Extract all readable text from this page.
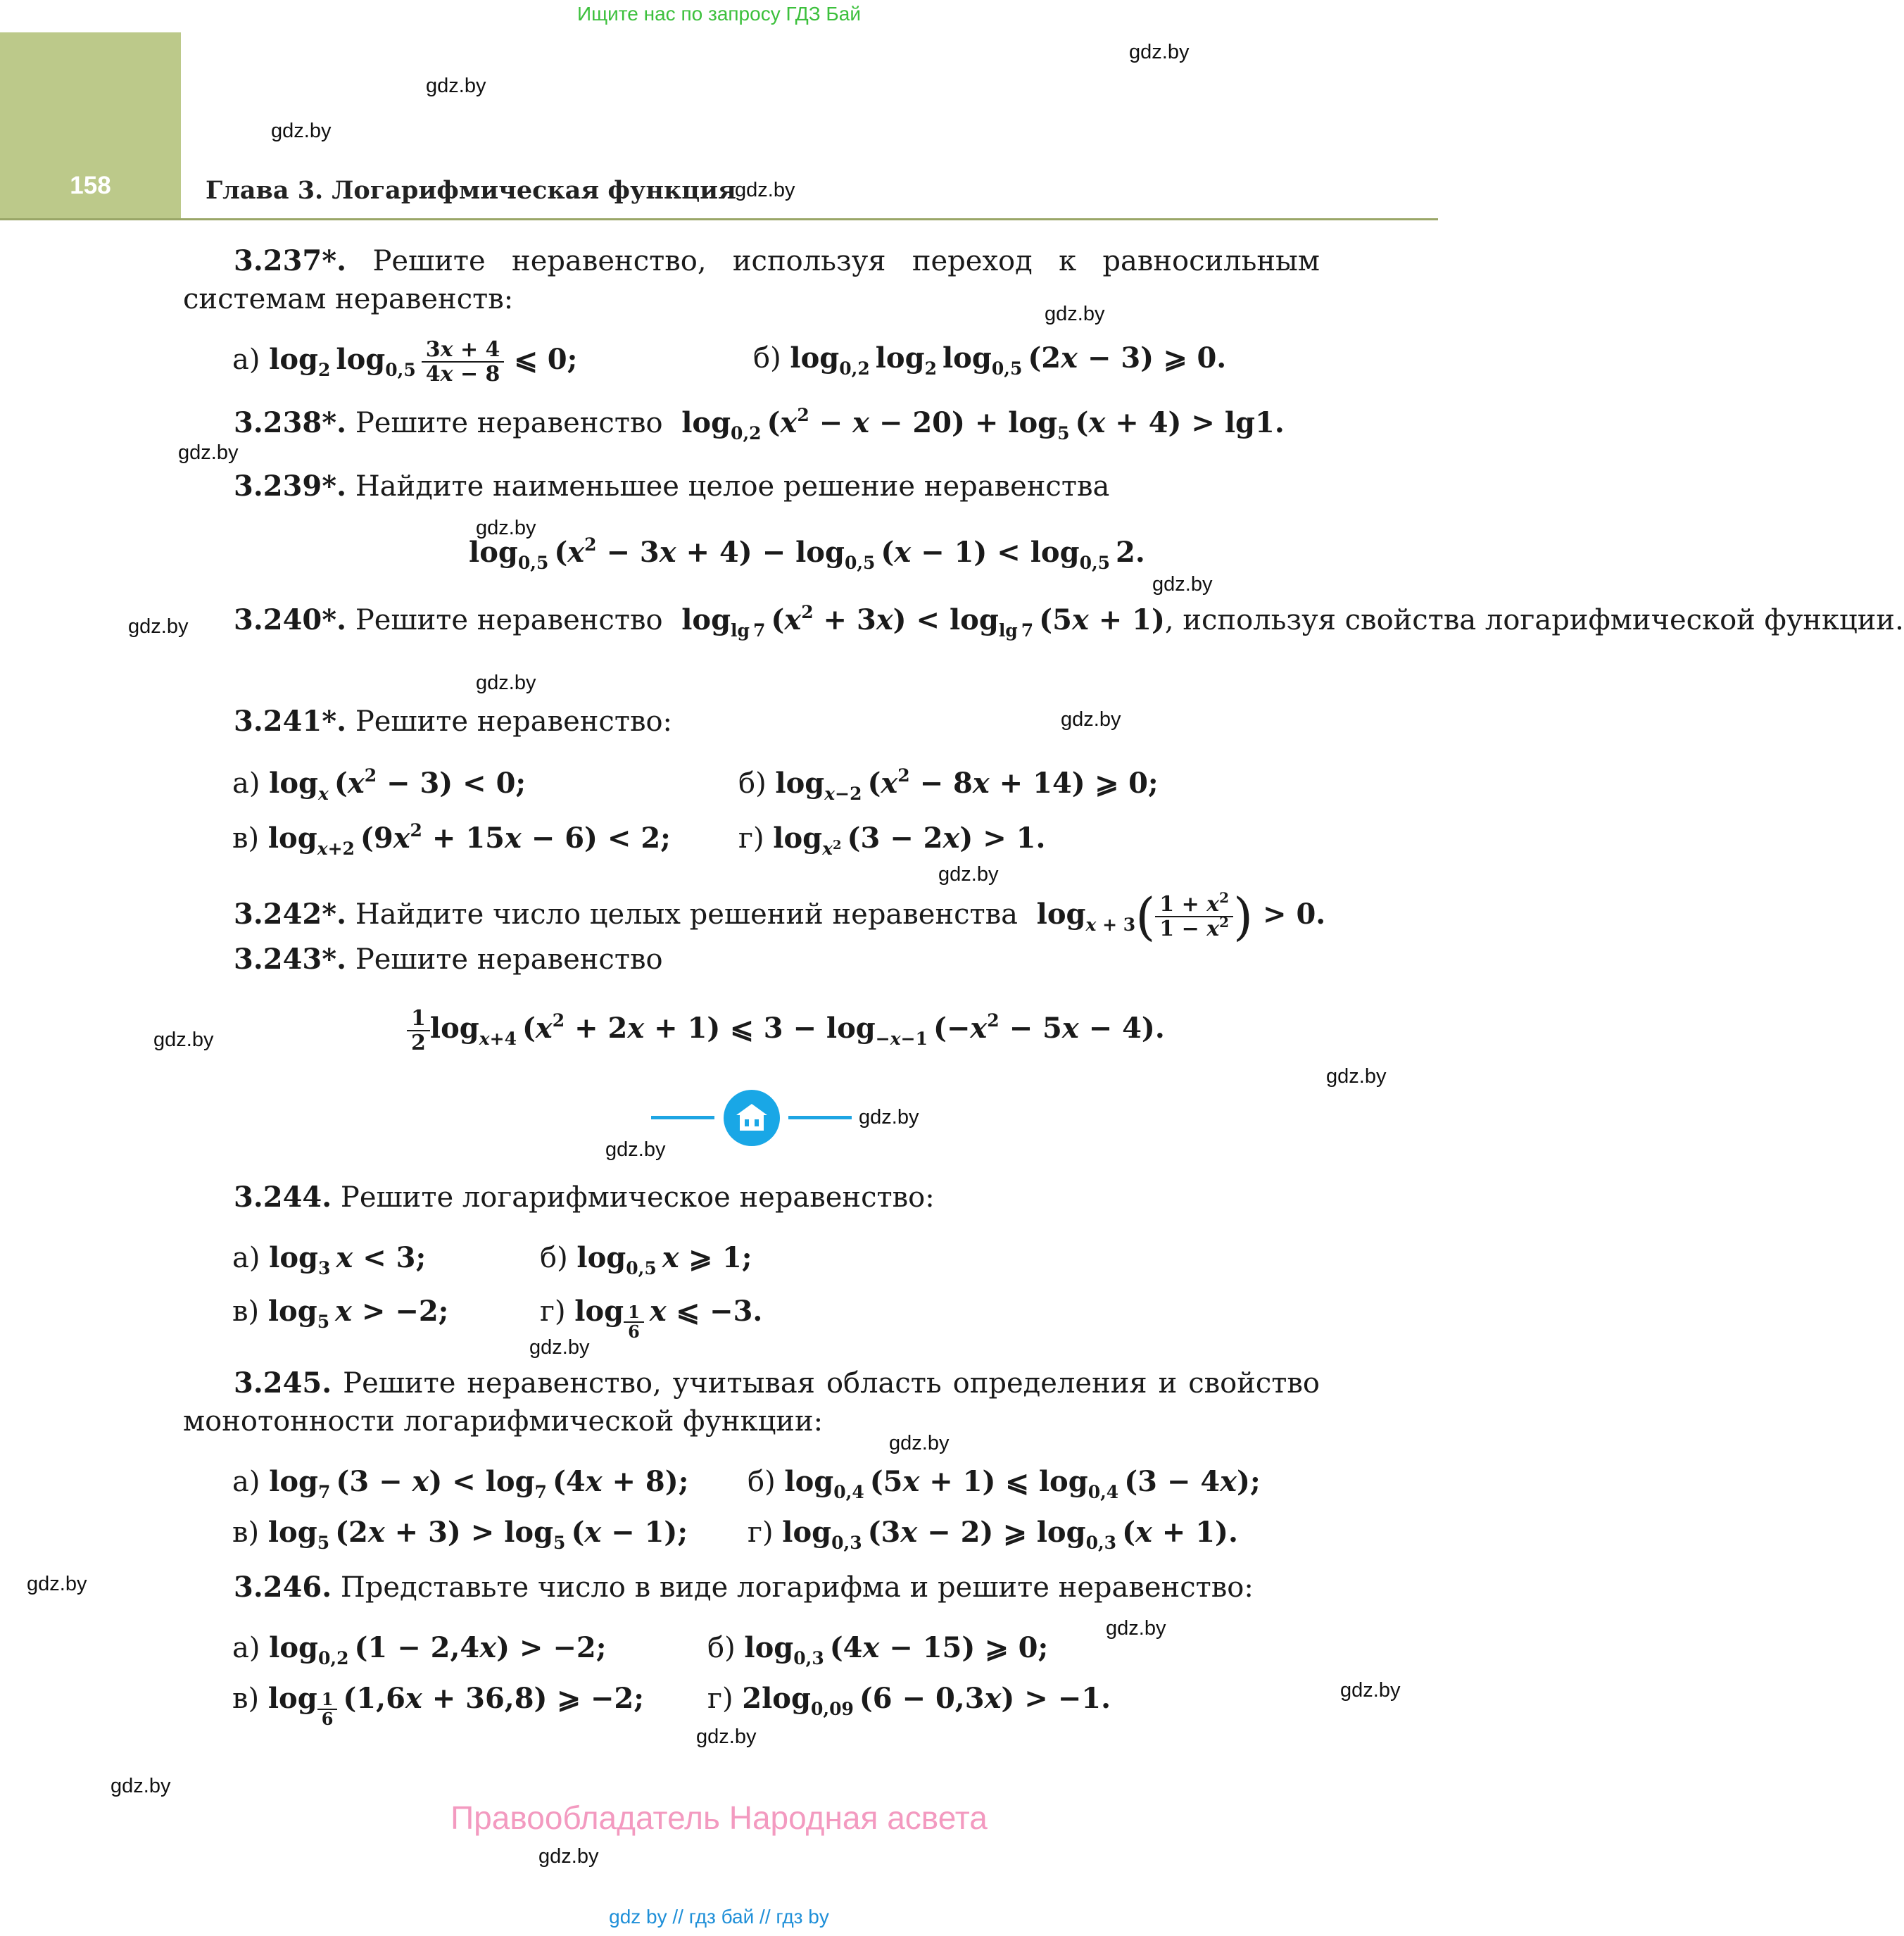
Ищите нас по запросу ГДЗ Бай
158	Глава 3. Логарифмическая функция
gdz.by
gdz.by
gdz.by
gdz.by
gdz.by
gdz.by
gdz.by
gdz.by
gdz.by
gdz.by
gdz.by
gdz.by
gdz.by
gdz.by
gdz.by
gdz.by
gdz.by
gdz.by
gdz.by
gdz.by
gdz.by
gdz.by
gdz.by
gdz.by
3.237*. Решите неравенство, используя переход к равносильным системам неравенств:
а) $\log_2 \log_{0,5} \frac{3x + 4}{4x - 8}$ ⩽ 0;	б) $\log_{0,2} \log_2 \log_{0,5} (2x - 3)$ ⩾ 0.
3.238*. Решите неравенство  $\log_{0,2} (x^2 - x - 20) + \log_5 (x + 4) > \lg 1$.
3.239*. Найдите наименьшее целое решение неравенства
$\log_{0,5} (x^2 - 3x + 4) - \log_{0,5} (x - 1) < \log_{0,5} 2$.
3.240*. Решите неравенство  $\log_{lg 7} (x^2 + 3x) < \log_{lg 7} (5x + 1)$, используя свойства логарифмической функции.
3.241*. Решите неравенство:
а) $\log_x (x^2 - 3) < 0$;	б) $\log_{x-2} (x^2 - 8x + 14)$ ⩾ 0;
в) $\log_{x+2} (9x^2 + 15x - 6) < 2$; г) $\log_{x^2} (3 - 2x) > 1$.
3.242*. Найдите число целых решений неравенства  $\log_{x + 3}( \frac{1 + x^2}{1 - x^2}$ ) > 0.
3.243*. Решите неравенство
$\frac{1}{2} \log_{x+4} (x^2 + 2x + 1)$ ⩽ $3 - \log_{-x-1} (-x^2 - 5x - 4)$.
3.244. Решите логарифмическое неравенство:
а) $\log_3 x < 3$;	б) $\log_{0,5} x$ ⩾ 1;
в) $\log_5 x > -2$;	г) $\log \frac{1}{6}$
  x ⩽ −3.
3.245. Решите неравенство, учитывая область определения и свойство монотонности логарифмической функции:
а) $\log_7 (3 - x) < \log_7 (4x + 8)$; б) $\log_{0,4} (5x + 1)$ ⩽ $\log_{0,4} (3 - 4x)$;
в) $\log_5 (2x + 3) > \log_5 (x - 1)$; г) $\log_{0,3} (3x - 2)$ ⩾ $\log_{0,3} (x + 1)$.
3.246. Представьте число в виде логарифма и решите неравенство:
а) $\log_{0,2} (1 - 2,4x) > -2$;	б) $\log_{0,3} (4x - 15)$ ⩾ 0;
в) $\log \frac{1}{6} (1,6x + 36,8)$ ⩾ −2; г) $2\log_{0,09}$ (6 − 0,3x) > −1.
Правообладатель Народная асвета
gdz by // гдз бай // гдз by
